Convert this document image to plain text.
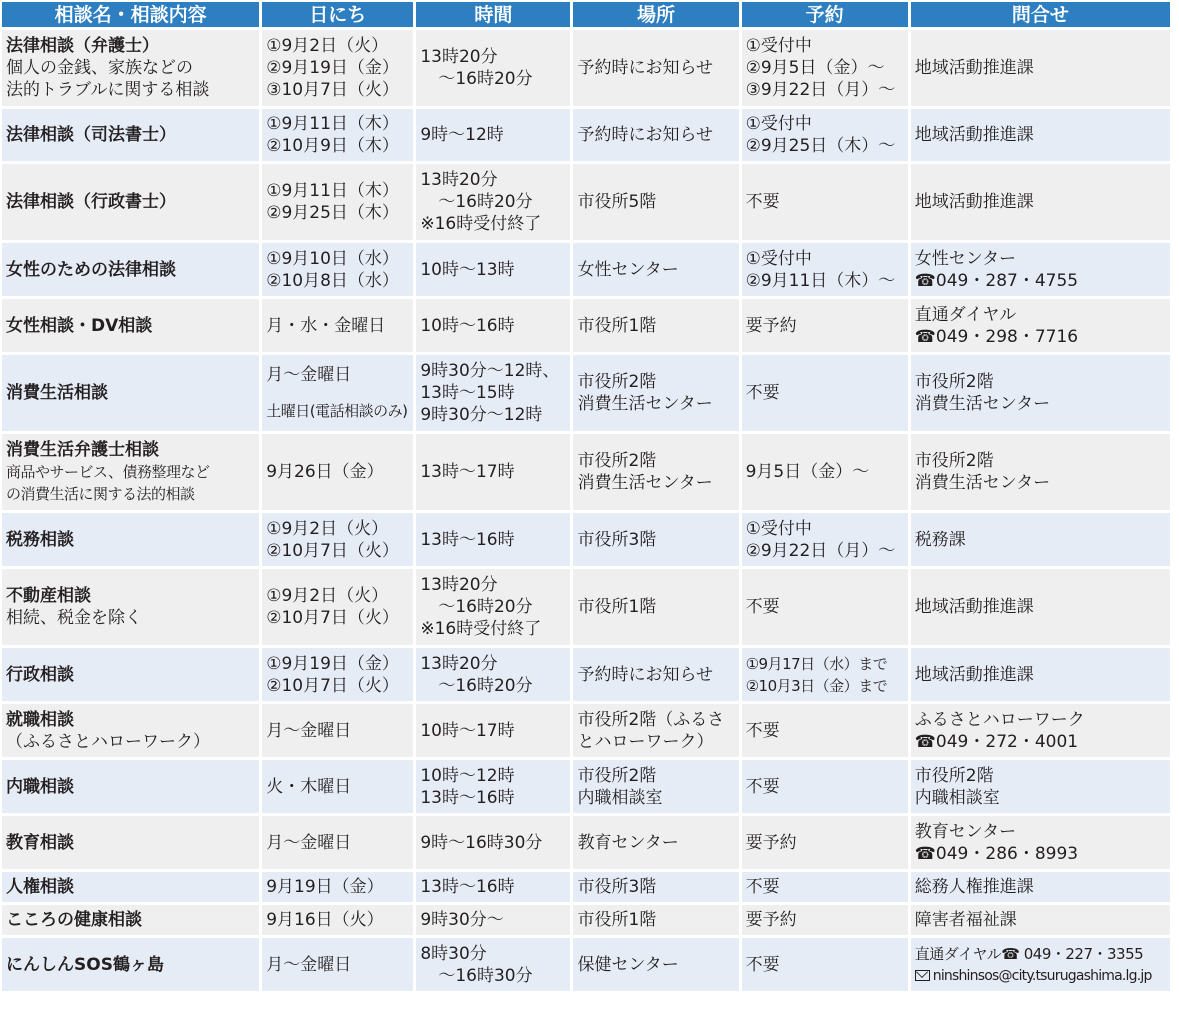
相談名・相談内容	日にち	時間	場所	予約	問合せ

法律相談（弁護士）
個人の金銭、家族などの
法的トラブルに関する相談	①9月2日（火）
②9月19日（金）
③10月7日（火）	13時20分
～16時20分	予約時にお知らせ	①受付中
②9月5日（金）～
③9月22日（月）～	地域活動推進課

法律相談（司法書士）	①9月11日（木）
②10月9日（木）	9時～12時	予約時にお知らせ	①受付中
②9月25日（木）～	地域活動推進課

法律相談（行政書士）	①9月11日（木）
②9月25日（木）	13時20分
～16時20分
※16時受付終了	市役所5階	不要	地域活動推進課

女性のための法律相談	①9月10日（水）
②10月8日（水）	10時～13時	女性センター	①受付中
②9月11日（木）～	女性センター
☎049・287・4755

女性相談・DV相談	月・水・金曜日	10時～16時	市役所1階	要予約	直通ダイヤル
☎049・298・7716

消費生活相談	月～金曜日
土曜日(電話相談のみ)	9時30分～12時、
13時～15時
9時30分～12時	市役所2階
消費生活センター	不要	市役所2階
消費生活センター

消費生活弁護士相談
商品やサービス、債務整理など
の消費生活に関する法的相談	9月26日（金）	13時～17時	市役所2階
消費生活センター	9月5日（金）～	市役所2階
消費生活センター

税務相談	①9月2日（火）
②10月7日（火）	13時～16時	市役所3階	①受付中
②9月22日（月）～	税務課

不動産相談
相続、税金を除く	①9月2日（火）
②10月7日（火）	13時20分
～16時20分
※16時受付終了	市役所1階	不要	地域活動推進課

行政相談	①9月19日（金）
②10月7日（火）	13時20分
～16時20分	予約時にお知らせ	①9月17日（水）まで
②10月3日（金）まで	地域活動推進課

就職相談
（ふるさとハローワーク）	月～金曜日	10時～17時	市役所2階（ふるさ
とハローワーク）	不要	ふるさとハローワーク
☎049・272・4001

内職相談	火・木曜日	10時～12時
13時～16時	市役所2階
内職相談室	不要	市役所2階
内職相談室

教育相談	月～金曜日	9時～16時30分	教育センター	要予約	教育センター
☎049・286・8993

人権相談	9月19日（金）	13時～16時	市役所3階	不要	総務人権推進課

こころの健康相談	9月16日（火）	9時30分～	市役所1階	要予約	障害者福祉課

にんしんSOS鶴ヶ島	月～金曜日	8時30分
～16時30分	保健センター	不要	直通ダイヤル☎ 049・227・3355
ninshinsos@city.tsurugashima.lg.jp
